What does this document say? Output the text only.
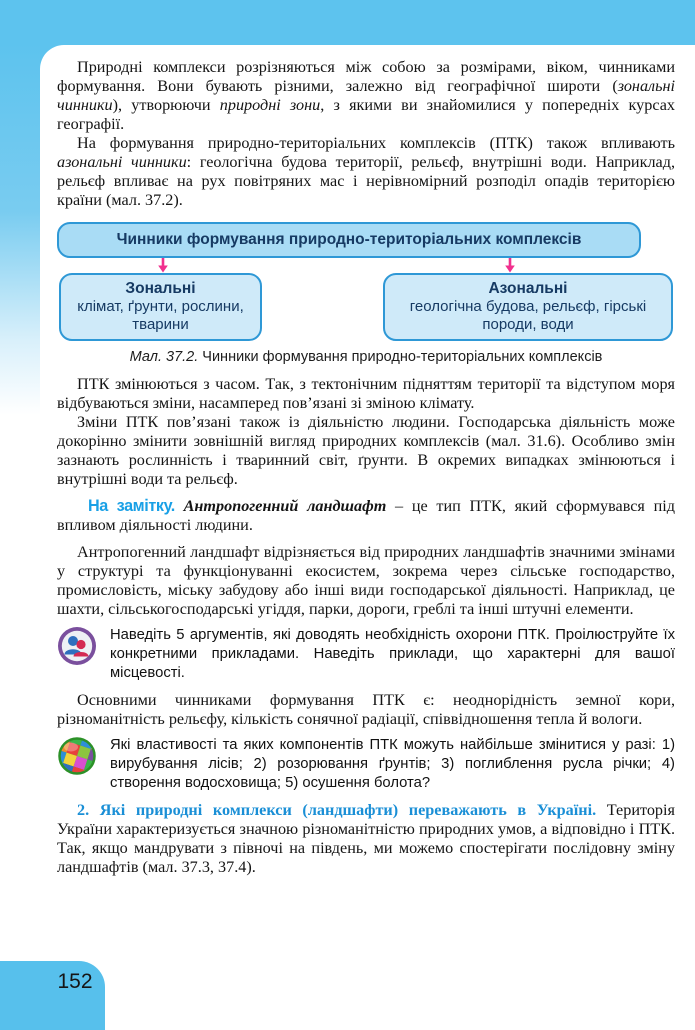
Природні комплекси розрізняються між собою за розмірами, віком, чинниками формування. Вони бувають різними, залежно від географічної широти (зональні чинники), утворюючи природні зони, з якими ви знайомилися у попередніх курсах географії.

На формування природно-територіальних комплексів (ПТК) також впливають азональні чинники: геологічна будова території, рельєф, внутрішні води. Наприклад, рельєф впливає на рух повітряних мас і нерівномірний розподіл опадів територією країни (мал. 37.2).

Чинники формування природно-територіальних комплексів
Зональні
клімат, ґрунти, рослини, тварини
Азональні
геологічна будова, рельєф, гірські породи, води
Мал. 37.2. Чинники формування природно-територіальних комплексів

ПТК змінюються з часом. Так, з тектонічним підняттям території та відступом моря відбуваються зміни, насамперед пов’язані зі зміною клімату.

Зміни ПТК пов’язані також із діяльністю людини. Господарська діяльність може докорінно змінити зовнішній вигляд природних комплексів (мал. 31.6). Особливо змін зазнають рослинність і тваринний світ, ґрунти. В окремих випадках змінюються і внутрішні води та рельєф.

На замітку. Антропогенний ландшафт – це тип ПТК, який сформувався під впливом діяльності людини.

Антропогенний ландшафт відрізняється від природних ландшафтів значними змінами у структурі та функціонуванні екосистем, зокрема через сільське господарство, промисловість, міську забудову або інші види господарської діяльності. Наприклад, це шахти, сільськогосподарські угіддя, парки, дороги, греблі та інші штучні елементи.

Наведіть 5 аргументів, які доводять необхідність охорони ПТК. Проілюструйте їх конкретними прикладами. Наведіть приклади, що характерні для вашої місцевості.

Основними чинниками формування ПТК є: неоднорідність земної кори, різноманітність рельєфу, кількість сонячної радіації, співвідношення тепла й вологи.

Які властивості та яких компонентів ПТК можуть найбільше змінитися у разі: 1) вирубування лісів; 2) розорювання ґрунтів; 3) поглиблення русла річки; 4) створення водосховища; 5) осушення болота?

2. Які природні комплекси (ландшафти) переважають в Україні. Територія України характеризується значною різноманітністю природних умов, а відповідно і ПТК. Так, якщо мандрувати з півночі на південь, ми можемо спостерігати послідовну зміну ландшафтів (мал. 37.3, 37.4).

152
